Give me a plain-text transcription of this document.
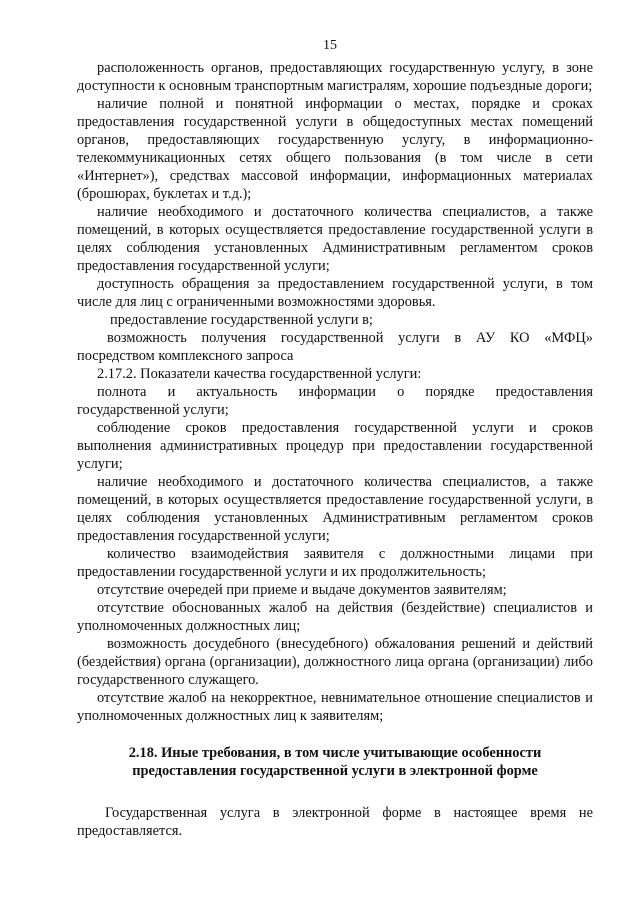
15

расположенность органов, предоставляющих государственную услугу, в зоне доступности к основным транспортным магистралям, хорошие подъездные дороги;

наличие полной и понятной информации о местах, порядке и сроках предоставления государственной услуги в общедоступных местах помещений органов, предоставляющих государственную услугу, в информационно-телекоммуникационных сетях общего пользования (в том числе в сети «Интернет»), средствах массовой информации, информационных материалах (брошюрах, буклетах и т.д.);

наличие необходимого и достаточного количества специалистов, а также помещений, в которых осуществляется предоставление государственной услуги в целях соблюдения установленных Административным регламентом сроков предоставления государственной услуги;

доступность обращения за предоставлением государственной услуги, в том числе для лиц с ограниченными возможностями здоровья.

предоставление государственной услуги в;

возможность получения государственной услуги в АУ КО «МФЦ» посредством комплексного запроса

2.17.2. Показатели качества государственной услуги:

полнота и актуальность информации о порядке предоставления государственной услуги;

соблюдение сроков предоставления государственной услуги и сроков выполнения административных процедур при предоставлении государственной услуги;

наличие необходимого и достаточного количества специалистов, а также помещений, в которых осуществляется предоставление государственной услуги, в целях соблюдения установленных Административным регламентом сроков предоставления государственной услуги;

количество взаимодействия заявителя с должностными лицами при предоставлении государственной услуги и их продолжительность;

отсутствие очередей при приеме и выдаче документов заявителям;

отсутствие обоснованных жалоб на действия (бездействие) специалистов и уполномоченных должностных лиц;

возможность досудебного (внесудебного) обжалования решений и действий (бездействия) органа (организации), должностного лица органа (организации) либо государственного служащего.

отсутствие жалоб на некорректное, невнимательное отношение специалистов и уполномоченных должностных лиц к заявителям;

2.18. Иные требования, в том числе учитывающие особенности предоставления государственной услуги в электронной форме

Государственная услуга в электронной форме в настоящее время не предоставляется.
